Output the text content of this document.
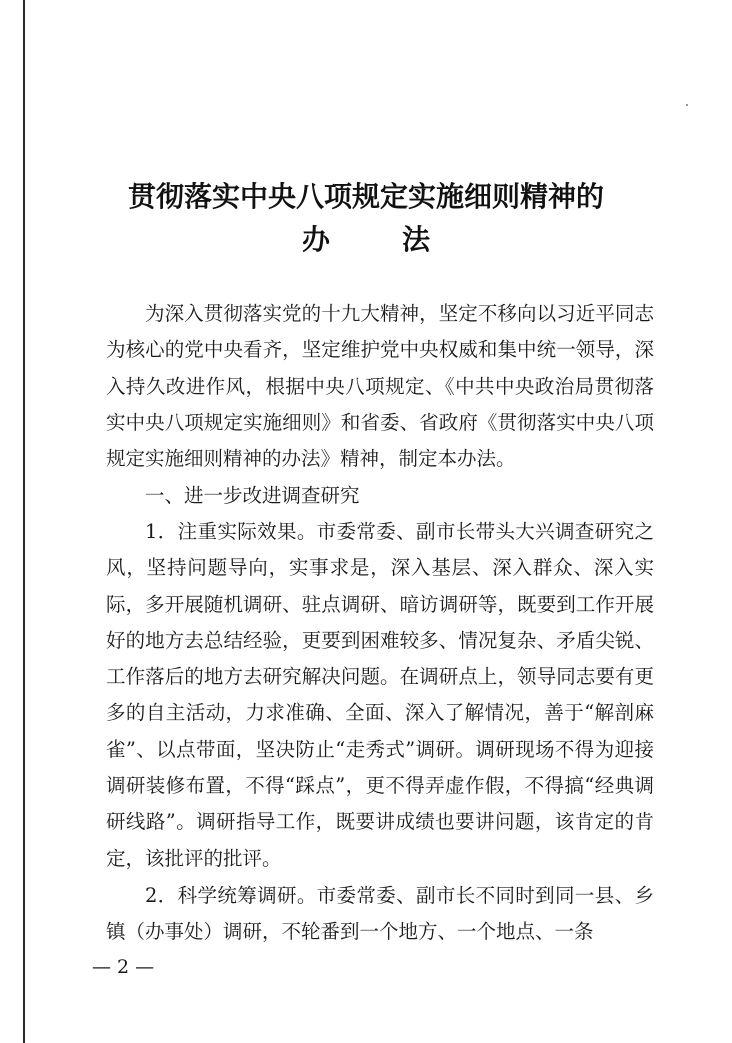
贯彻落实中央八项规定实施细则精神的
办法
为深入贯彻落实党的十九大精神，坚定不移向以习近平同志为核心的党中央看齐，坚定维护党中央权威和集中统一领导，深入持久改进作风，根据中央八项规定、《中共中央政治局贯彻落实中央八项规定实施细则》和省委、省政府《贯彻落实中央八项规定实施细则精神的办法》精神，制定本办法。
一、进一步改进调查研究
1．注重实际效果。市委常委、副市长带头大兴调查研究之风，坚持问题导向，实事求是，深入基层、深入群众、深入实际，多开展随机调研、驻点调研、暗访调研等，既要到工作开展好的地方去总结经验，更要到困难较多、情况复杂、矛盾尖锐、工作落后的地方去研究解决问题。在调研点上，领导同志要有更多的自主活动，力求准确、全面、深入了解情况，善于“解剖麻雀”、以点带面，坚决防止“走秀式”调研。调研现场不得为迎接调研装修布置，不得“踩点”，更不得弄虚作假，不得搞“经典调研线路”。调研指导工作，既要讲成绩也要讲问题，该肯定的肯定，该批评的批评。
2．科学统筹调研。市委常委、副市长不同时到同一县、乡镇（办事处）调研，不轮番到一个地方、一个地点、一条
— 2 —
